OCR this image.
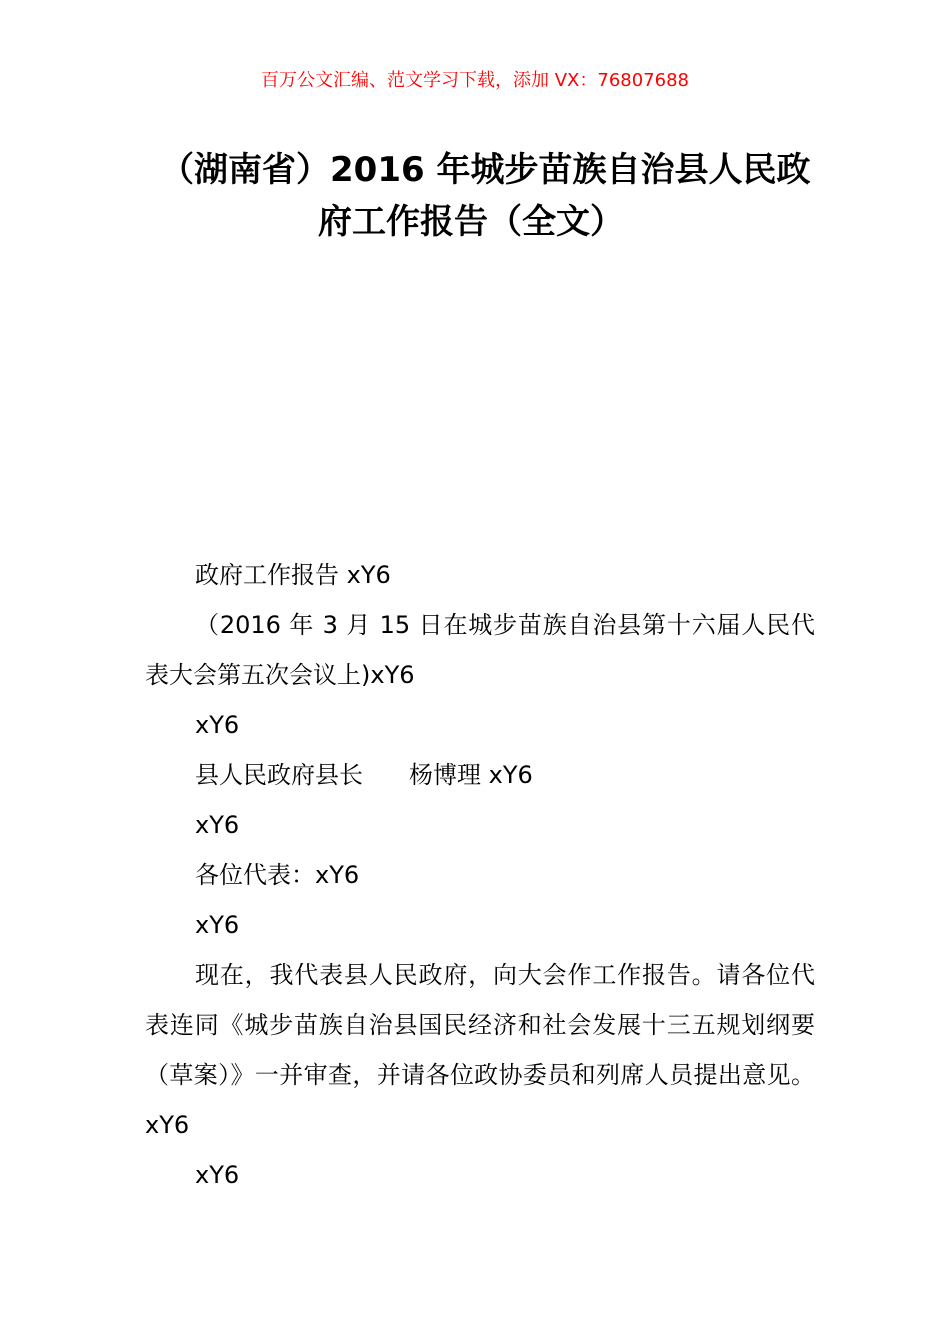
百万公文汇编、范文学习下载，添加 VX：76807688
（湖南省）2016 年城步苗族自治县人民政
府工作报告（全文）

政府工作报告 xY6

（2016 年 3 月 15 日在城步苗族自治县第十六届人民代表大会第五次会议上)xY6

xY6

县人民政府县长 杨博理 xY6

xY6

各位代表：xY6

xY6

现在，我代表县人民政府，向大会作工作报告。请各位代表连同《城步苗族自治县国民经济和社会发展十三五规划纲要（草案）》一并审查，并请各位政协委员和列席人员提出意见。xY6

xY6
